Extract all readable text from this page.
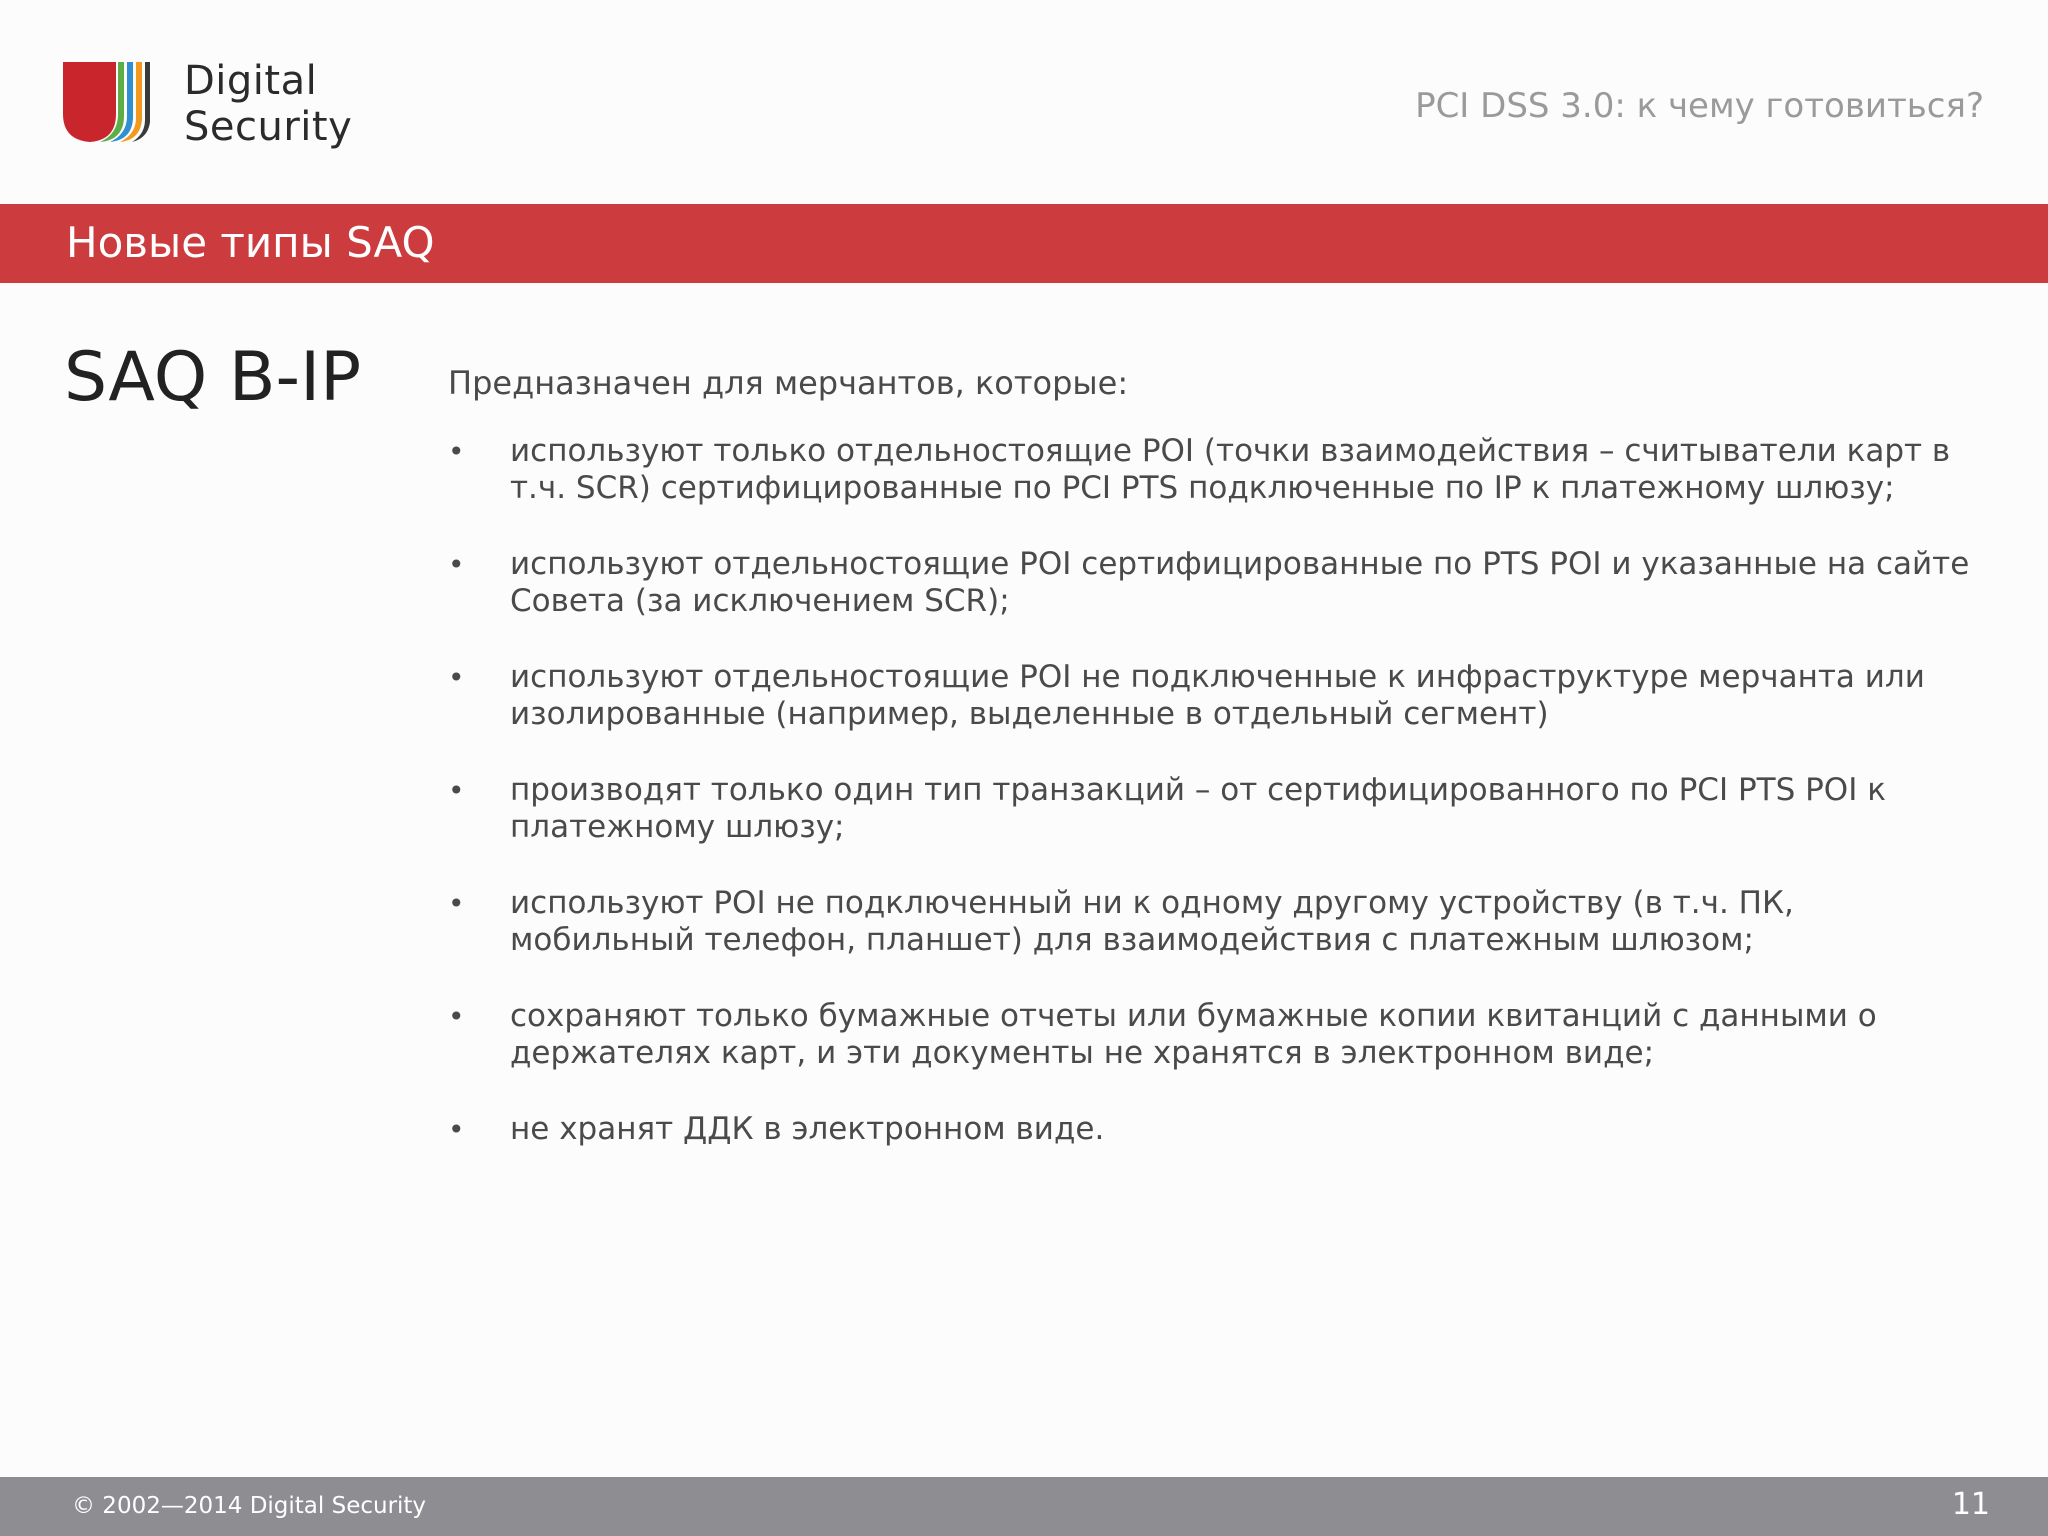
Digital
Security	PCI DSS 3.0: к чему готовиться?
Новые типы SAQ
SAQ B-IP	Предназначен для мерчантов, которые:

• используют только отдельностоящие POI (точки взаимодействия – считыватели карт в т.ч. SCR) сертифицированные по PCI PTS подключенные по IP к платежному шлюзу;
• используют отдельностоящие POI сертифицированные по PTS POI и указанные на сайте Совета (за исключением SCR);
• используют отдельностоящие POI не подключенные к инфраструктуре мерчанта или изолированные (например, выделенные в отдельный сегмент)
• производят только один тип транзакций – от сертифицированного по PCI PTS POI к платежному шлюзу;
• используют POI не подключенный ни к одному другому устройству (в т.ч. ПК, мобильный телефон, планшет) для взаимодействия с платежным шлюзом;
• сохраняют только бумажные отчеты или бумажные копии квитанций с данными о держателях карт, и эти документы не хранятся в электронном виде;
• не хранят ДДК в электронном виде.
© 2002—2014 Digital Security	11
